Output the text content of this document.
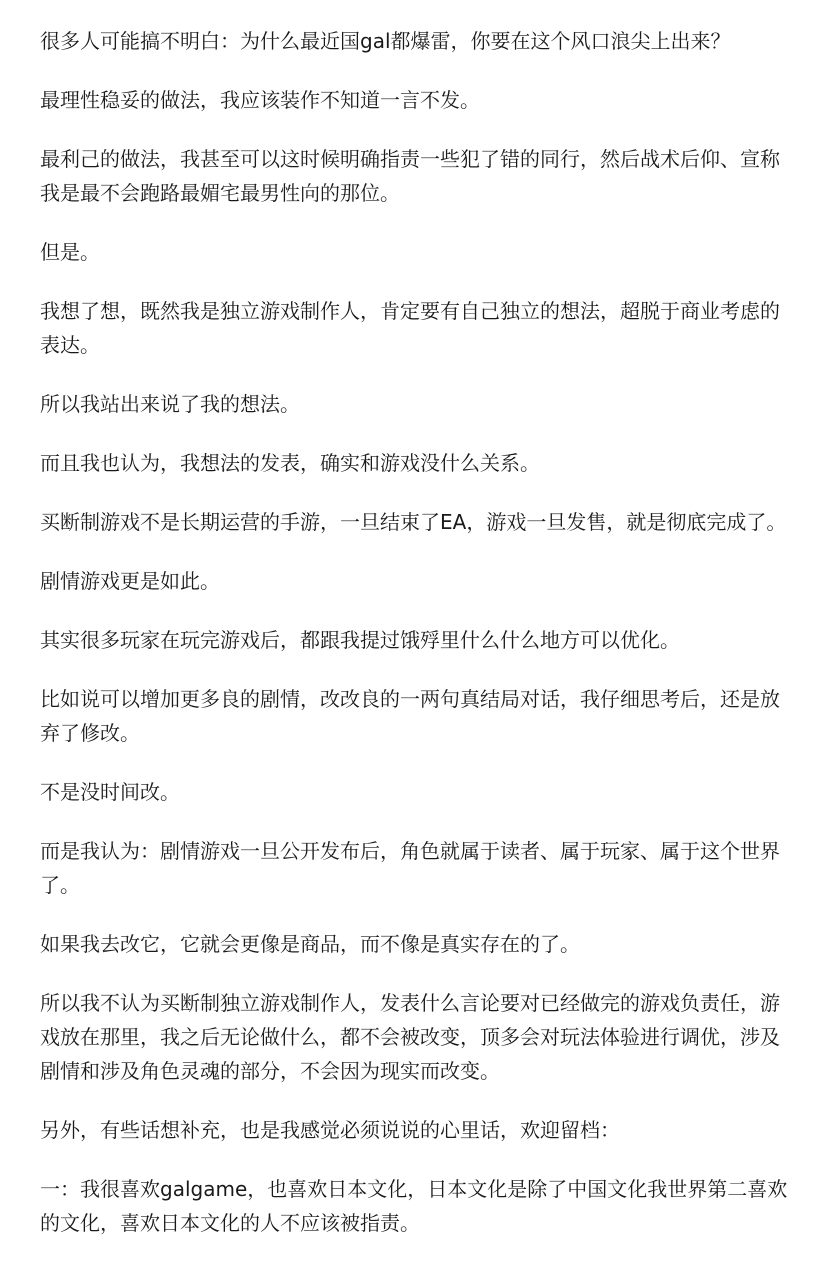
很多人可能搞不明白：为什么最近国gal都爆雷，你要在这个风口浪尖上出来？

最理性稳妥的做法，我应该装作不知道一言不发。

最利己的做法，我甚至可以这时候明确指责一些犯了错的同行，然后战术后仰、宣称我是最不会跑路最媚宅最男性向的那位。

但是。

我想了想，既然我是独立游戏制作人，肯定要有自己独立的想法，超脱于商业考虑的表达。

所以我站出来说了我的想法。

而且我也认为，我想法的发表，确实和游戏没什么关系。

买断制游戏不是长期运营的手游，一旦结束了EA，游戏一旦发售，就是彻底完成了。

剧情游戏更是如此。

其实很多玩家在玩完游戏后，都跟我提过饿殍里什么什么地方可以优化。

比如说可以增加更多良的剧情，改改良的一两句真结局对话，我仔细思考后，还是放弃了修改。

不是没时间改。

而是我认为：剧情游戏一旦公开发布后，角色就属于读者、属于玩家、属于这个世界了。

如果我去改它，它就会更像是商品，而不像是真实存在的了。

所以我不认为买断制独立游戏制作人，发表什么言论要对已经做完的游戏负责任，游戏放在那里，我之后无论做什么，都不会被改变，顶多会对玩法体验进行调优，涉及剧情和涉及角色灵魂的部分，不会因为现实而改变。

另外，有些话想补充，也是我感觉必须说说的心里话，欢迎留档：

一：我很喜欢galgame，也喜欢日本文化，日本文化是除了中国文化我世界第二喜欢的文化，喜欢日本文化的人不应该被指责。
